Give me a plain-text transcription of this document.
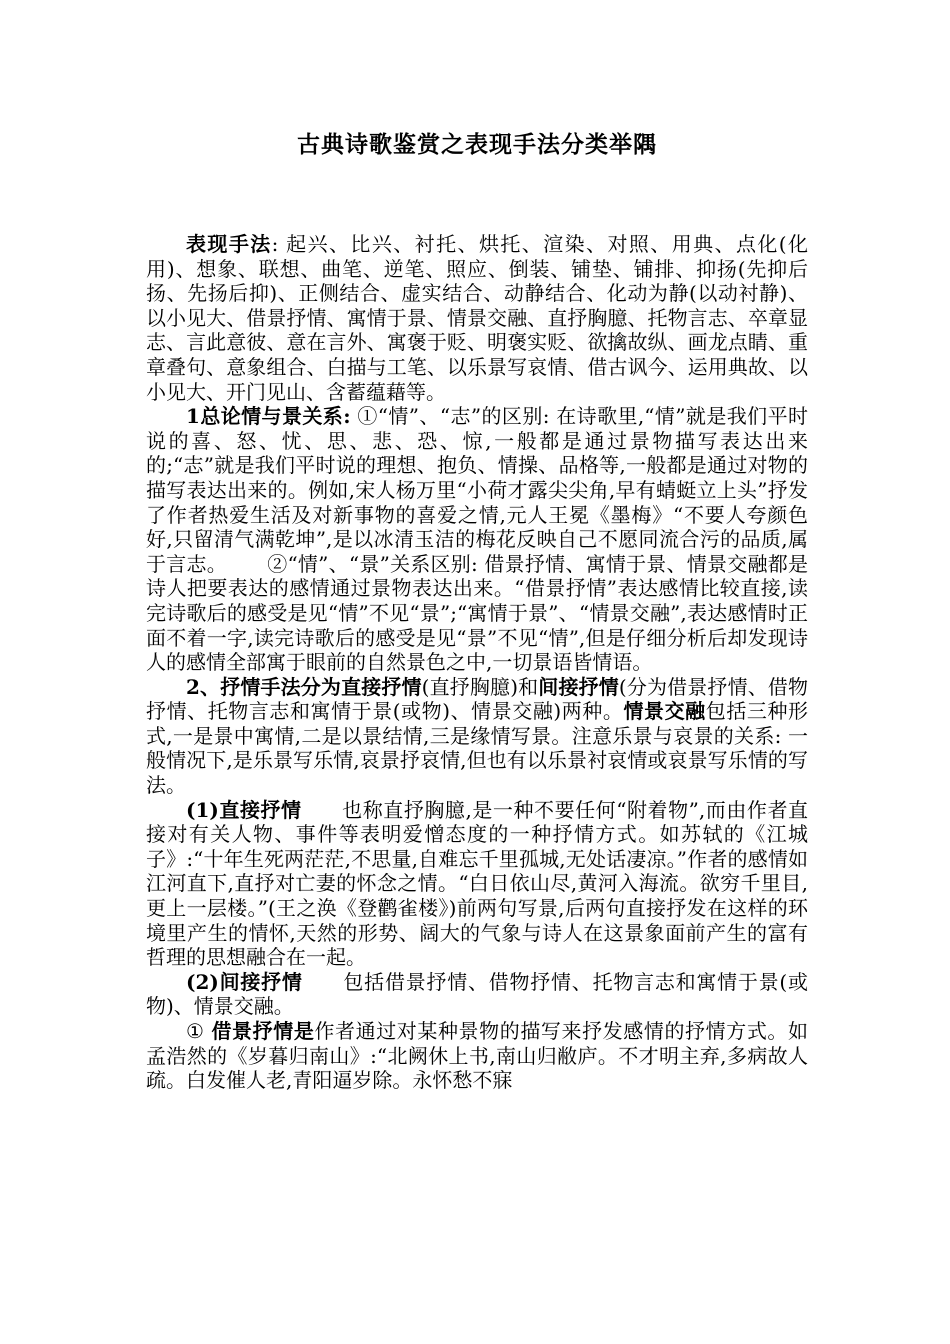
古典诗歌鉴赏之表现手法分类举隅

表现手法: 起兴、比兴、衬托、烘托、渲染、对照、用典、点化(化用)、想象、联想、曲笔、逆笔、照应、倒装、铺垫、铺排、抑扬(先抑后扬、先扬后抑)、正侧结合、虚实结合、动静结合、化动为静(以动衬静)、以小见大、借景抒情、寓情于景、情景交融、直抒胸臆、托物言志、卒章显志、言此意彼、意在言外、寓褒于贬、明褒实贬、欲擒故纵、画龙点睛、重章叠句、意象组合、白描与工笔、以乐景写哀情、借古讽今、运用典故、以小见大、开门见山、含蓄蕴藉等。

1总论情与景关系: ①“情”、“志”的区别: 在诗歌里,“情”就是我们平时说的喜、怒、忧、思、悲、恐、惊,一般都是通过景物描写表达出来的;“志”就是我们平时说的理想、抱负、情操、品格等,一般都是通过对物的描写表达出来的。例如,宋人杨万里“小荷才露尖尖角,早有蜻蜓立上头”抒发了作者热爱生活及对新事物的喜爱之情,元人王冕《墨梅》“不要人夸颜色好,只留清气满乾坤”,是以冰清玉洁的梅花反映自己不愿同流合污的品质,属于言志。 ②“情”、“景”关系区别: 借景抒情、寓情于景、情景交融都是诗人把要表达的感情通过景物表达出来。“借景抒情”表达感情比较直接,读完诗歌后的感受是见“情”不见“景”;“寓情于景”、“情景交融”,表达感情时正面不着一字,读完诗歌后的感受是见“景”不见“情”,但是仔细分析后却发现诗人的感情全部寓于眼前的自然景色之中,一切景语皆情语。

2、抒情手法分为直接抒情(直抒胸臆)和间接抒情(分为借景抒情、借物抒情、托物言志和寓情于景(或物)、情景交融)两种。情景交融包括三种形式,一是景中寓情,二是以景结情,三是缘情写景。注意乐景与哀景的关系: 一般情况下,是乐景写乐情,哀景抒哀情,但也有以乐景衬哀情或哀景写乐情的写法。

(1)直接抒情 也称直抒胸臆,是一种不要任何“附着物”,而由作者直接对有关人物、事件等表明爱憎态度的一种抒情方式。如苏轼的《江城子》:“十年生死两茫茫,不思量,自难忘千里孤城,无处话凄凉。”作者的感情如江河直下,直抒对亡妻的怀念之情。“白日依山尽,黄河入海流。欲穷千里目,更上一层楼。”(王之涣《登鹳雀楼》)前两句写景,后两句直接抒发在这样的环境里产生的情怀,天然的形势、阔大的气象与诗人在这景象面前产生的富有哲理的思想融合在一起。

(2)间接抒情 包括借景抒情、借物抒情、托物言志和寓情于景(或物)、情景交融。

① 借景抒情是作者通过对某种景物的描写来抒发感情的抒情方式。如孟浩然的《岁暮归南山》:“北阙休上书,南山归敝庐。不才明主弃,多病故人疏。白发催人老,青阳逼岁除。永怀愁不寐
